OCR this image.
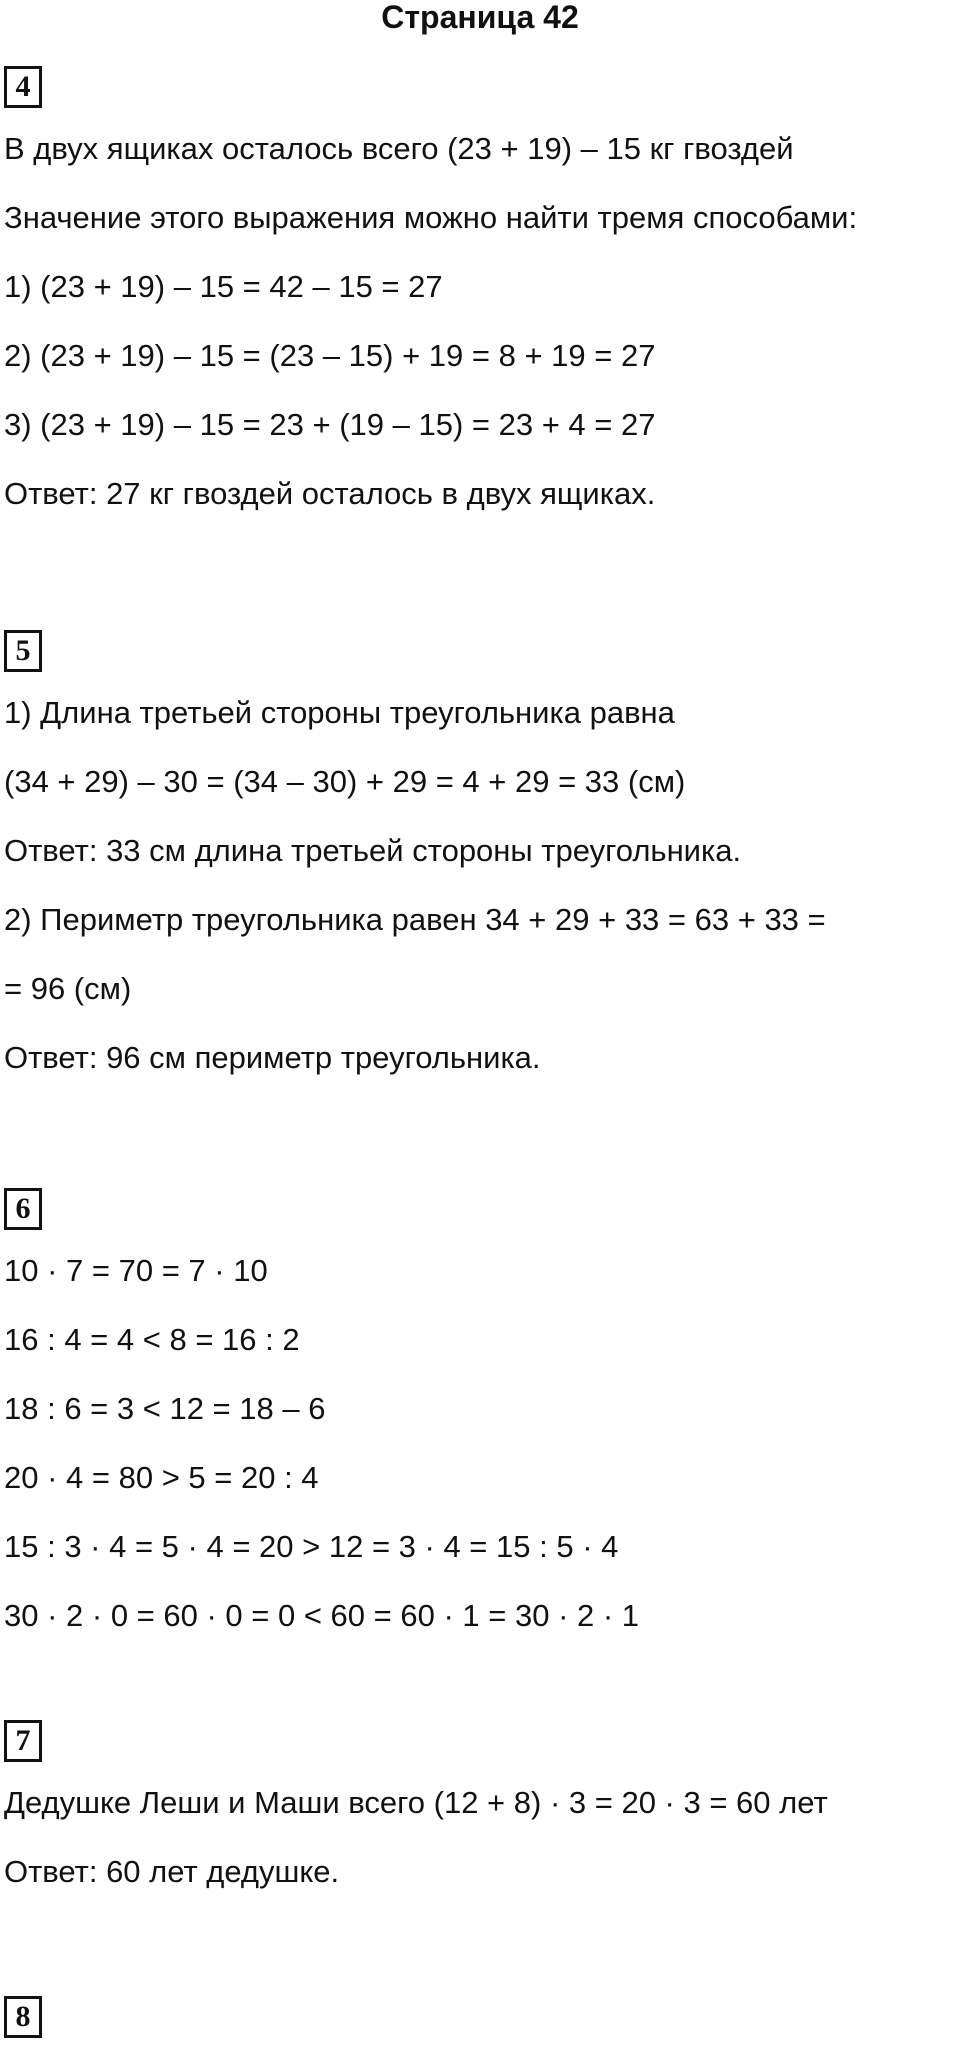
Страница 42
4
В двух ящиках осталось всего (23 + 19) – 15 кг гвоздей
Значение этого выражения можно найти тремя способами:
1) (23 + 19) – 15 = 42 – 15 = 27
2) (23 + 19) – 15 = (23 – 15) + 19 = 8 + 19 = 27
3) (23 + 19) – 15 = 23 + (19 – 15) = 23 + 4 = 27
Ответ: 27 кг гвоздей осталось в двух ящиках.
5
1) Длина третьей стороны треугольника равна
(34 + 29) – 30 = (34 – 30) + 29 = 4 + 29 = 33 (см)
Ответ: 33 см длина третьей стороны треугольника.
2) Периметр треугольника равен 34 + 29 + 33 = 63 + 33 =
= 96 (см)
Ответ: 96 см периметр треугольника.
6
10 · 7 = 70 = 7 · 10
16 : 4 = 4 < 8 = 16 : 2
18 : 6 = 3 < 12 = 18 – 6
20 · 4 = 80 > 5 = 20 : 4
15 : 3 · 4 = 5 · 4 = 20 > 12 = 3 · 4 = 15 : 5 · 4
30 · 2 · 0 = 60 · 0 = 0 < 60 = 60 · 1 = 30 · 2 · 1
7
Дедушке Леши и Маши всего (12 + 8) · 3 = 20 · 3 = 60 лет
Ответ: 60 лет дедушке.
8
